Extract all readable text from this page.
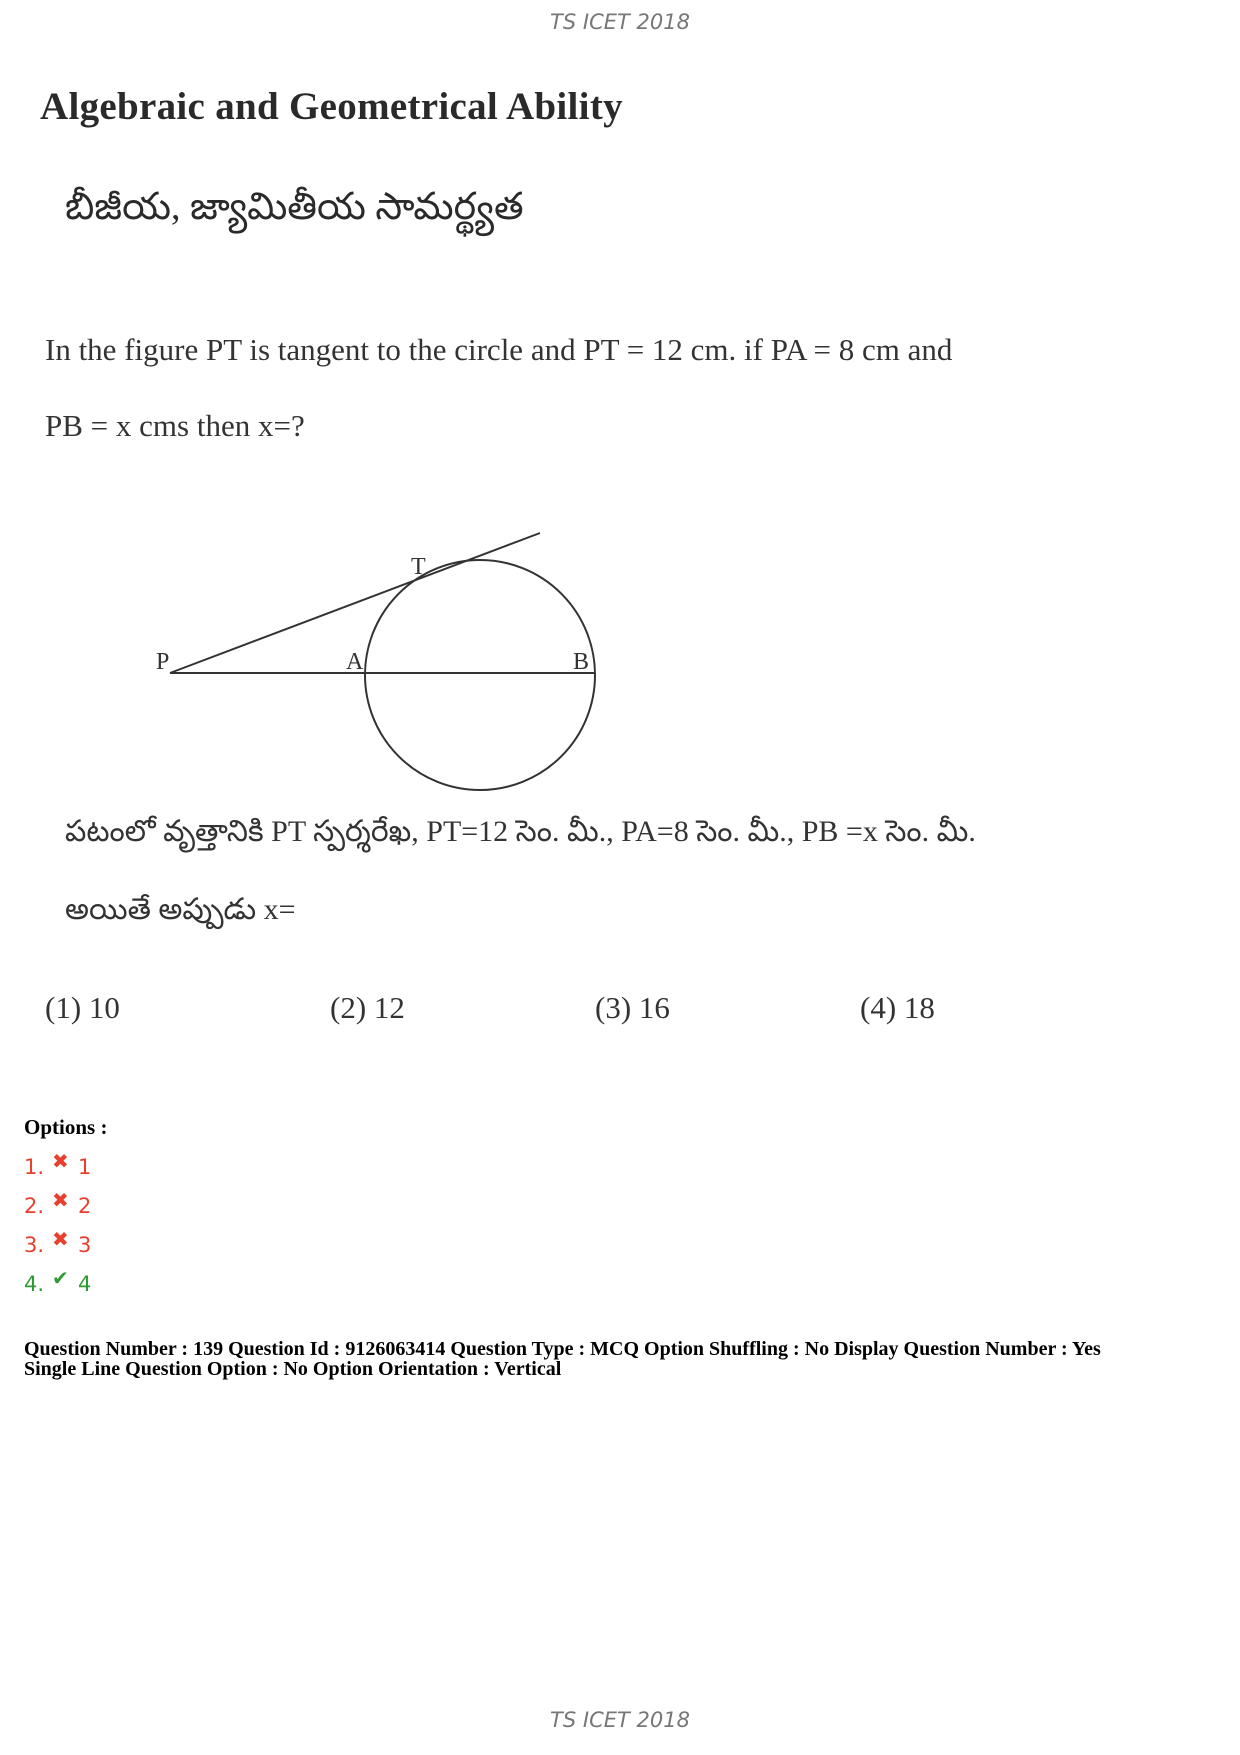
TS ICET 2018
Algebraic and Geometrical Ability
బీజీయ, జ్యామితీయ సామర్థ్యత
In the figure PT is tangent to the circle and PT = 12 cm. if PA = 8 cm and
PB = x cms then x=?
T
P	A	B
పటంలో వృత్తానికి PT స్పర్శరేఖ, PT=12 సెం. మీ., PA=8 సెం. మీ., PB =x సెం. మీ.
అయితే అప్పుడు x=
(1) 10	(2) 12	(3) 16	(4) 18
Options :
1. ✖ 1
2. ✖ 2
3. ✖ 3
4. ✔ 4
Question Number : 139 Question Id : 9126063414 Question Type : MCQ Option Shuffling : No Display Question Number : Yes
Single Line Question Option : No Option Orientation : Vertical
TS ICET 2018
